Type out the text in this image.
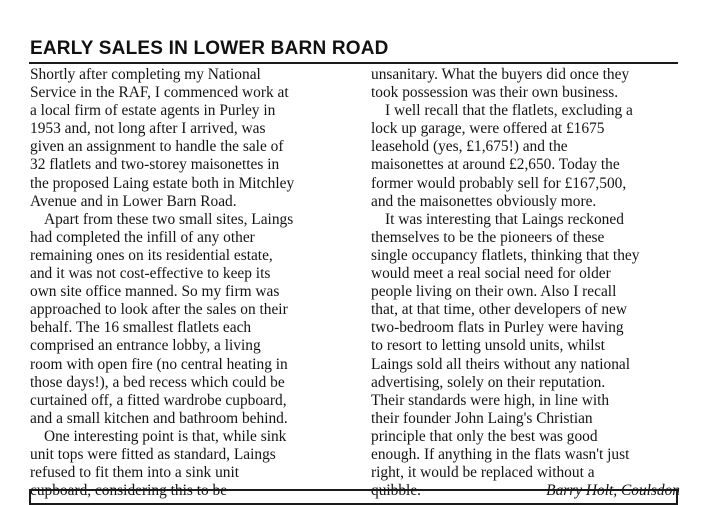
EARLY SALES IN LOWER BARN ROAD
Shortly after completing my National
Service in the RAF, I commenced work at
a local firm of estate agents in Purley in
1953 and, not long after I arrived, was
given an assignment to handle the sale of
32 flatlets and two-storey maisonettes in
the proposed Laing estate both in Mitchley
Avenue and in Lower Barn Road.
Apart from these two small sites, Laings
had completed the infill of any other
remaining ones on its residential estate,
and it was not cost-effective to keep its
own site office manned. So my firm was
approached to look after the sales on their
behalf. The 16 smallest flatlets each
comprised an entrance lobby, a living
room with open fire (no central heating in
those days!), a bed recess which could be
curtained off, a fitted wardrobe cupboard,
and a small kitchen and bathroom behind.
One interesting point is that, while sink
unit tops were fitted as standard, Laings
refused to fit them into a sink unit
cupboard, considering this to be
unsanitary. What the buyers did once they
took possession was their own business.
I well recall that the flatlets, excluding a
lock up garage, were offered at £1675
leasehold (yes, £1,675!) and the
maisonettes at around £2,650. Today the
former would probably sell for £167,500,
and the maisonettes obviously more.
It was interesting that Laings reckoned
themselves to be the pioneers of these
single occupancy flatlets, thinking that they
would meet a real social need for older
people living on their own. Also I recall
that, at that time, other developers of new
two-bedroom flats in Purley were having
to resort to letting unsold units, whilst
Laings sold all theirs without any national
advertising, solely on their reputation.
Their standards were high, in line with
their founder John Laing's Christian
principle that only the best was good
enough. If anything in the flats wasn't just
right, it would be replaced without a
quibble.	Barry Holt, Coulsdon
